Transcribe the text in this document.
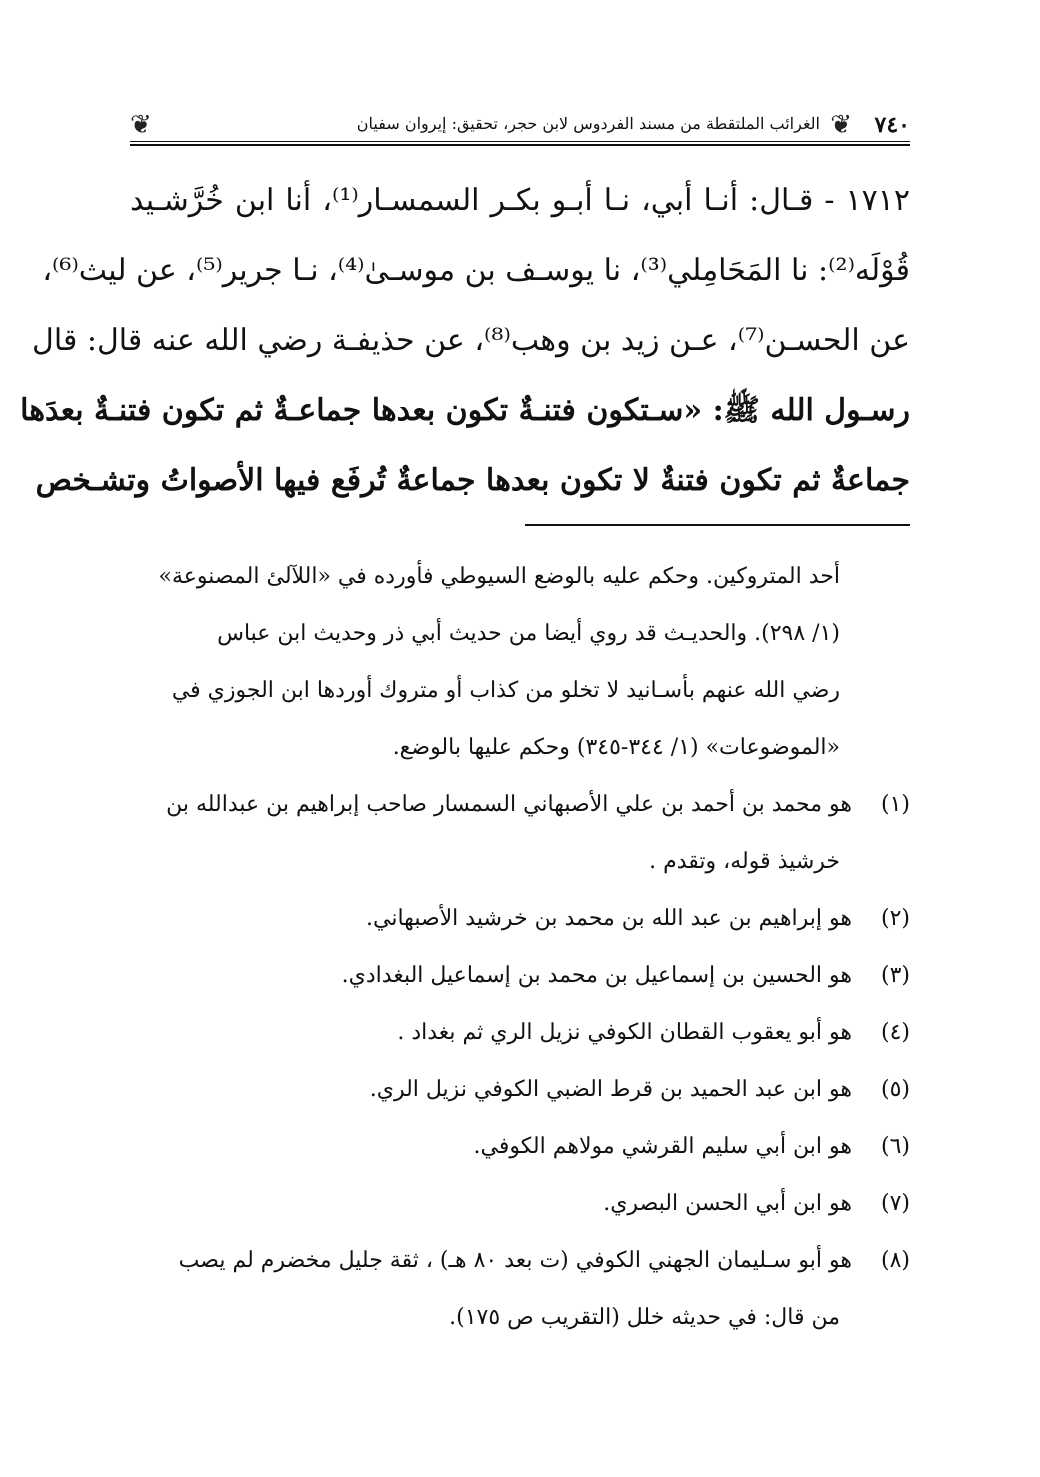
٧٤٠
❦
الغرائب الملتقطة من مسند الفردوس لابن حجر، تحقيق: إيروان سفيان
❦
١٧١٢ - قـال: أنـا أبي، نـا أبـو بكـر السمسـار⁽¹⁾، أنا ابن خُرَّشـيد
قُوْلَه⁽²⁾: نا المَحَامِلي⁽³⁾، نا يوسـف بن موسـىٰ⁽⁴⁾، نـا جرير⁽⁵⁾، عن ليث⁽⁶⁾،
عن الحسـن⁽⁷⁾، عـن زيد بن وهب⁽⁸⁾، عن حذيفـة رضي الله عنه قال: قال
رسـول الله ﷺ: «سـتكون فتنـةٌ تكون بعدها جماعـةٌ ثم تكون فتنـةٌ بعدَها
جماعةٌ ثم تكون فتنةٌ لا تكون بعدها جماعةٌ تُرفَع فيها الأصواتُ وتشـخص
أحد المتروكين. وحكم عليه بالوضع السيوطي فأورده في «اللآلئ المصنوعة»
(١/ ٢٩٨). والحديـث قد روي أيضا من حديث أبي ذر وحديث ابن عباس
رضي الله عنهم بأسـانيد لا تخلو من كذاب أو متروك أوردها ابن الجوزي في
«الموضوعات» (١/ ٣٤٤-٣٤٥) وحكم عليها بالوضع.
(١)هو محمد بن أحمد بن علي الأصبهاني السمسار صاحب إبراهيم بن عبدالله بن
خرشيذ قوله، وتقدم .
(٢)هو إبراهيم بن عبد الله بن محمد بن خرشيد الأصبهاني.
(٣)هو الحسين بن إسماعيل بن محمد بن إسماعيل البغدادي.
(٤)هو أبو يعقوب القطان الكوفي نزيل الري ثم بغداد .
(٥)هو ابن عبد الحميد بن قرط الضبي الكوفي نزيل الري.
(٦)هو ابن أبي سليم القرشي مولاهم الكوفي.
(٧)هو ابن أبي الحسن البصري.
(٨)هو أبو سـليمان الجهني الكوفي (ت بعد ٨٠ هـ) ، ثقة جليل مخضرم لم يصب
من قال: في حديثه خلل (التقريب ص ١٧٥).
